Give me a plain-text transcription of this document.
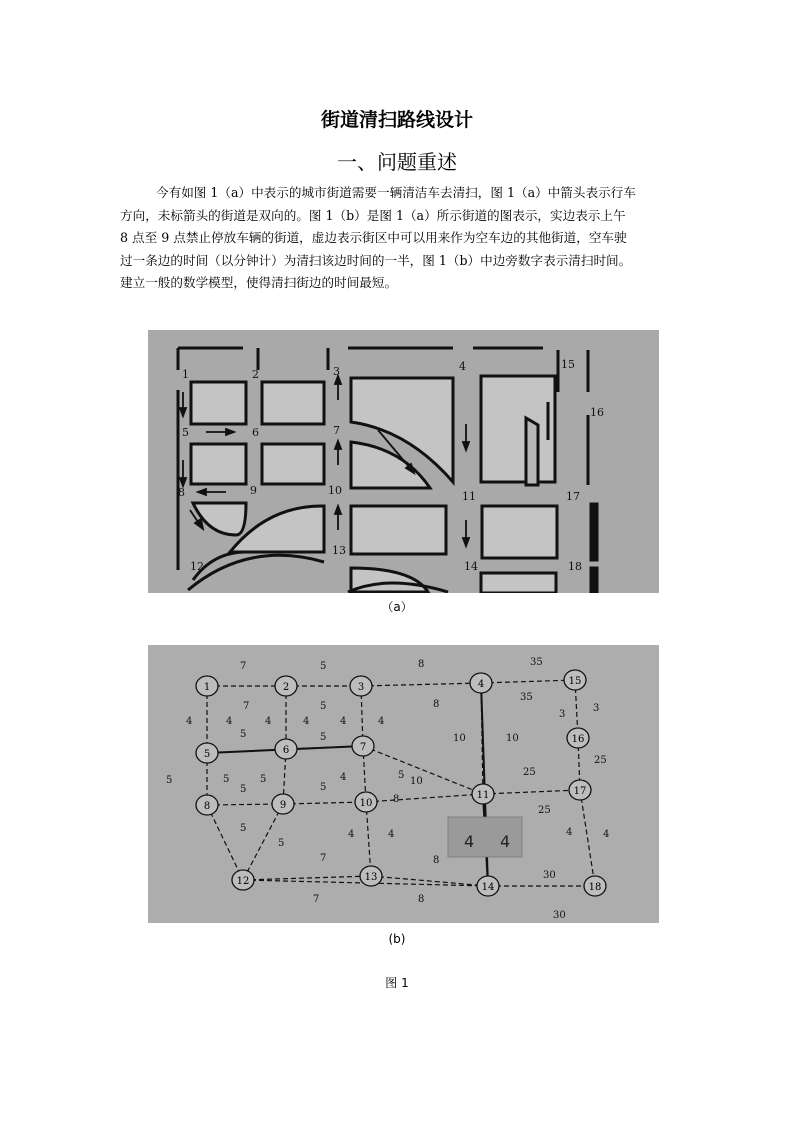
街道清扫路线设计
一、问题重述
今有如图 1（a）中表示的城市街道需要一辆清洁车去清扫，图 1（a）中箭头表示行车
方向，未标箭头的街道是双向的。图 1（b）是图 1（a）所示街道的图表示，实边表示上午
8 点至 9 点禁止停放车辆的街道，虚边表示街区中可以用来作为空车边的其他街道，空车驶
过一条边的时间（以分钟计）为清扫该边时间的一半，图 1（b）中边旁数字表示清扫时间。
建立一般的数学模型，使得清扫街边的时间最短。
1	2	3	4	15
16
5	6	7
11	17
8	9	10
12
13
14	18
（a）
1	2	3	4	15
5	6	7
16
8	9	10
11	17
12	13
14	18
7	5	8	35
7	5	8
35
3
3
4	4	4	4	4	4
5	5	10	10
5	5	5
25
25
5	5
5
4	10
8
25
5
5
4	4	4	4
7	8
30
7	8
30
4 4
(b)
图 1
